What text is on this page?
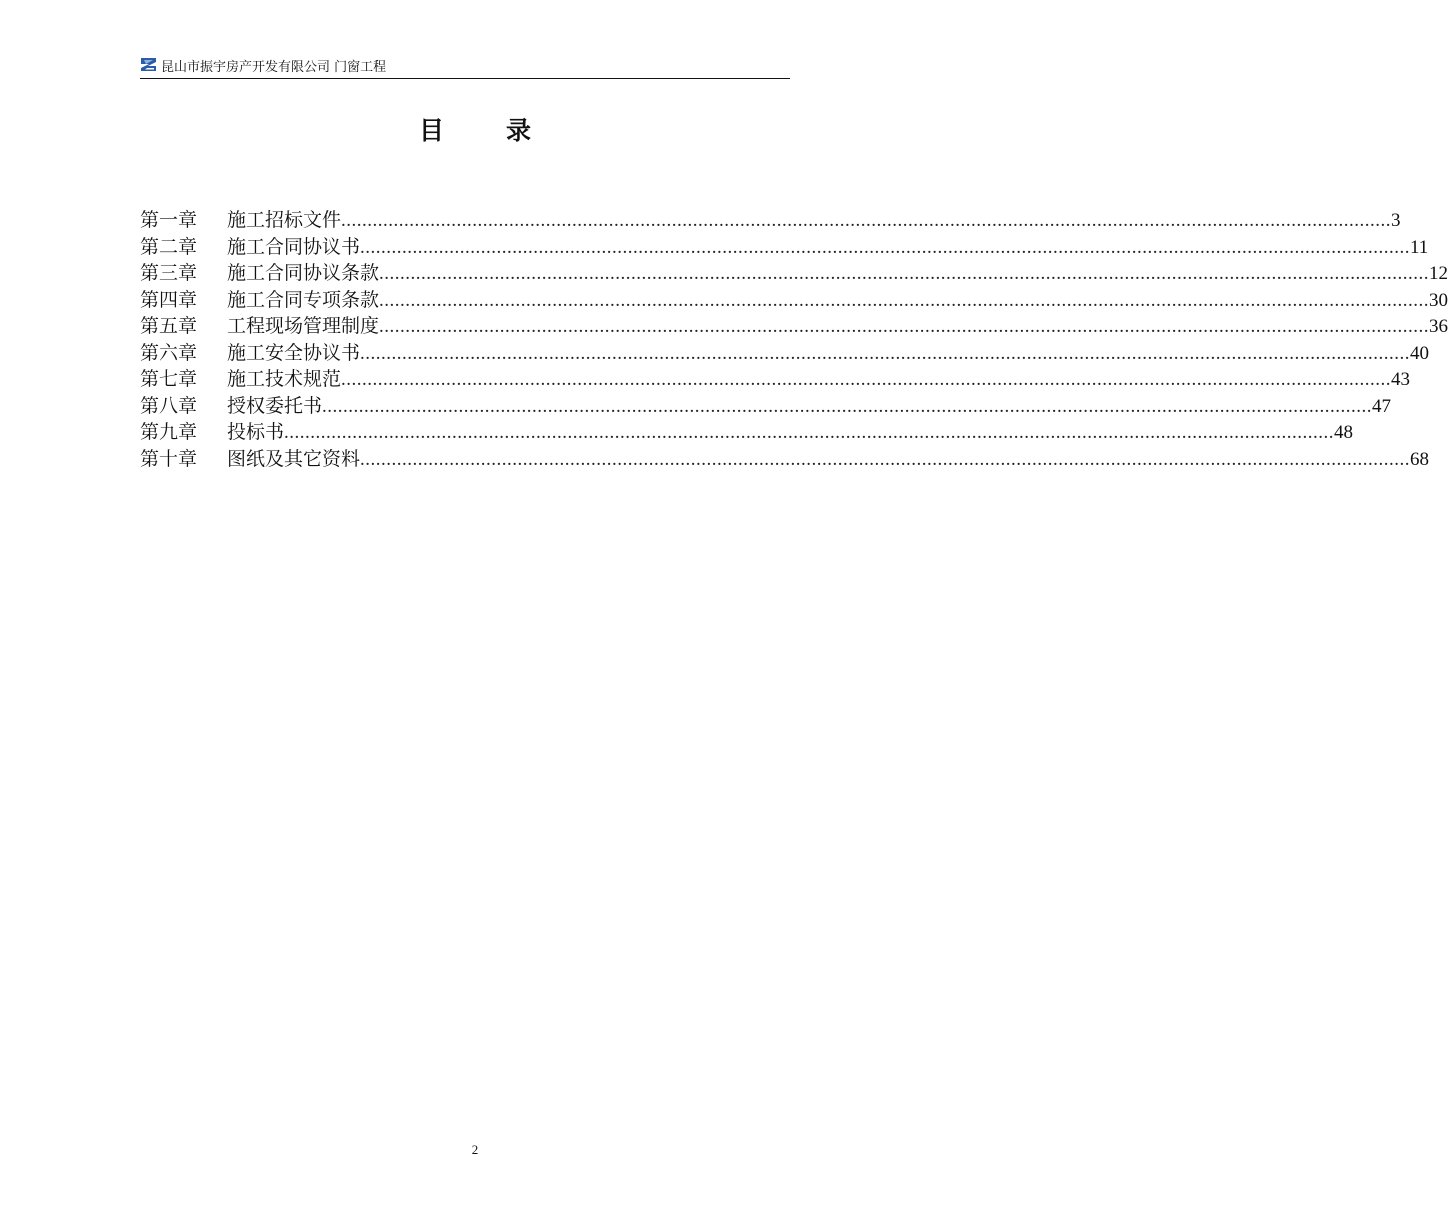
昆山市振宇房产开发有限公司 门窗工程
目 录
第一章	施工招标文件 ........................................................................................................................................................................................................ 3
第二章	施工合同协议书 ........................................................................................................................................................................................................ 11
第三章	施工合同协议条款 ........................................................................................................................................................................................................ 12
第四章	施工合同专项条款 ........................................................................................................................................................................................................ 30
第五章	工程现场管理制度 ........................................................................................................................................................................................................ 36
第六章	施工安全协议书 ........................................................................................................................................................................................................ 40
第七章	施工技术规范 ........................................................................................................................................................................................................ 43
第八章	授权委托书 ........................................................................................................................................................................................................ 47
第九章	投标书 ........................................................................................................................................................................................................ 48
第十章	图纸及其它资料 ........................................................................................................................................................................................................ 68
2
